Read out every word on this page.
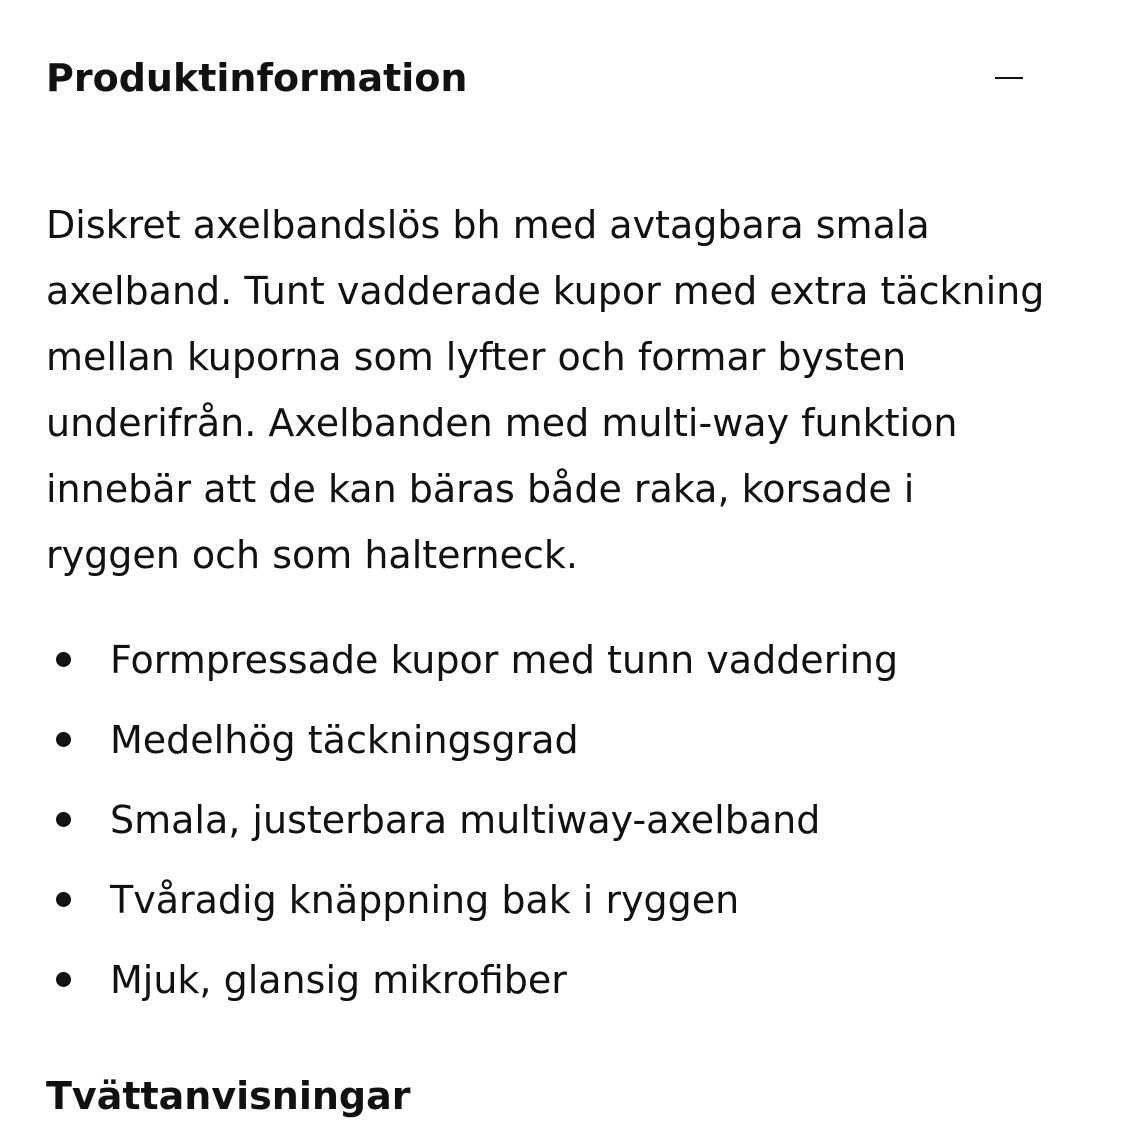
Produktinformation

Diskret axelbandslös bh med avtagbara smala axelband. Tunt vadderade kupor med extra täckning mellan kuporna som lyfter och formar bysten underifrån. Axelbanden med multi-way funktion innebär att de kan bäras både raka, korsade i ryggen och som halterneck.

Formpressade kupor med tunn vaddering
Medelhög täckningsgrad
Smala, justerbara multiway-axelband
Tvåradig knäppning bak i ryggen
Mjuk, glansig mikrofiber
Tvättanvisningar
